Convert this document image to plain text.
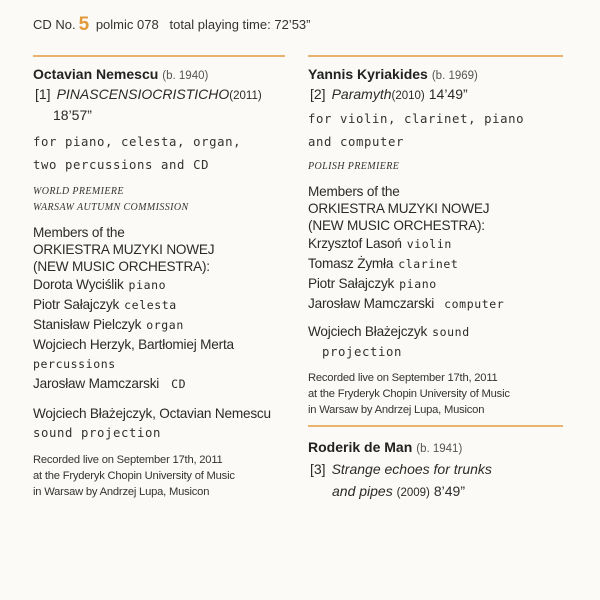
CD No. 5 polmic 078 total playing time: 72’53”
Octavian Nemescu (b. 1940)
[1] PINASCENSIOCRISTICHO(2011)
18’57”
for piano, celesta, organ,
two percussions and CD
WORLD PREMIERE
WARSAW AUTUMN COMMISSION
Members of the
ORKIESTRA MUZYKI NOWEJ
(NEW MUSIC ORCHESTRA):
Dorota Wyciślik piano
Piotr Sałajczyk celesta
Stanisław Pielczyk organ
Wojciech Herzyk, Bartłomiej Merta
percussions
Jarosław Mamczarski CD
Wojciech Błażejczyk, Octavian Nemescu
sound projection
Recorded live on September 17th, 2011
at the Fryderyk Chopin University of Music
in Warsaw by Andrzej Lupa, Musicon
Yannis Kyriakides (b. 1969)
[2] Paramyth(2010) 14’49”
for violin, clarinet, piano
and computer
POLISH PREMIERE
Members of the
ORKIESTRA MUZYKI NOWEJ
(NEW MUSIC ORCHESTRA):
Krzysztof Lasoń violin
Tomasz Żymła clarinet
Piotr Sałajczyk piano
Jarosław Mamczarski computer
Wojciech Błażejczyk sound
projection
Recorded live on September 17th, 2011
at the Fryderyk Chopin University of Music
in Warsaw by Andrzej Lupa, Musicon
Roderik de Man (b. 1941)
[3] Strange echoes for trunks
and pipes (2009) 8’49”
